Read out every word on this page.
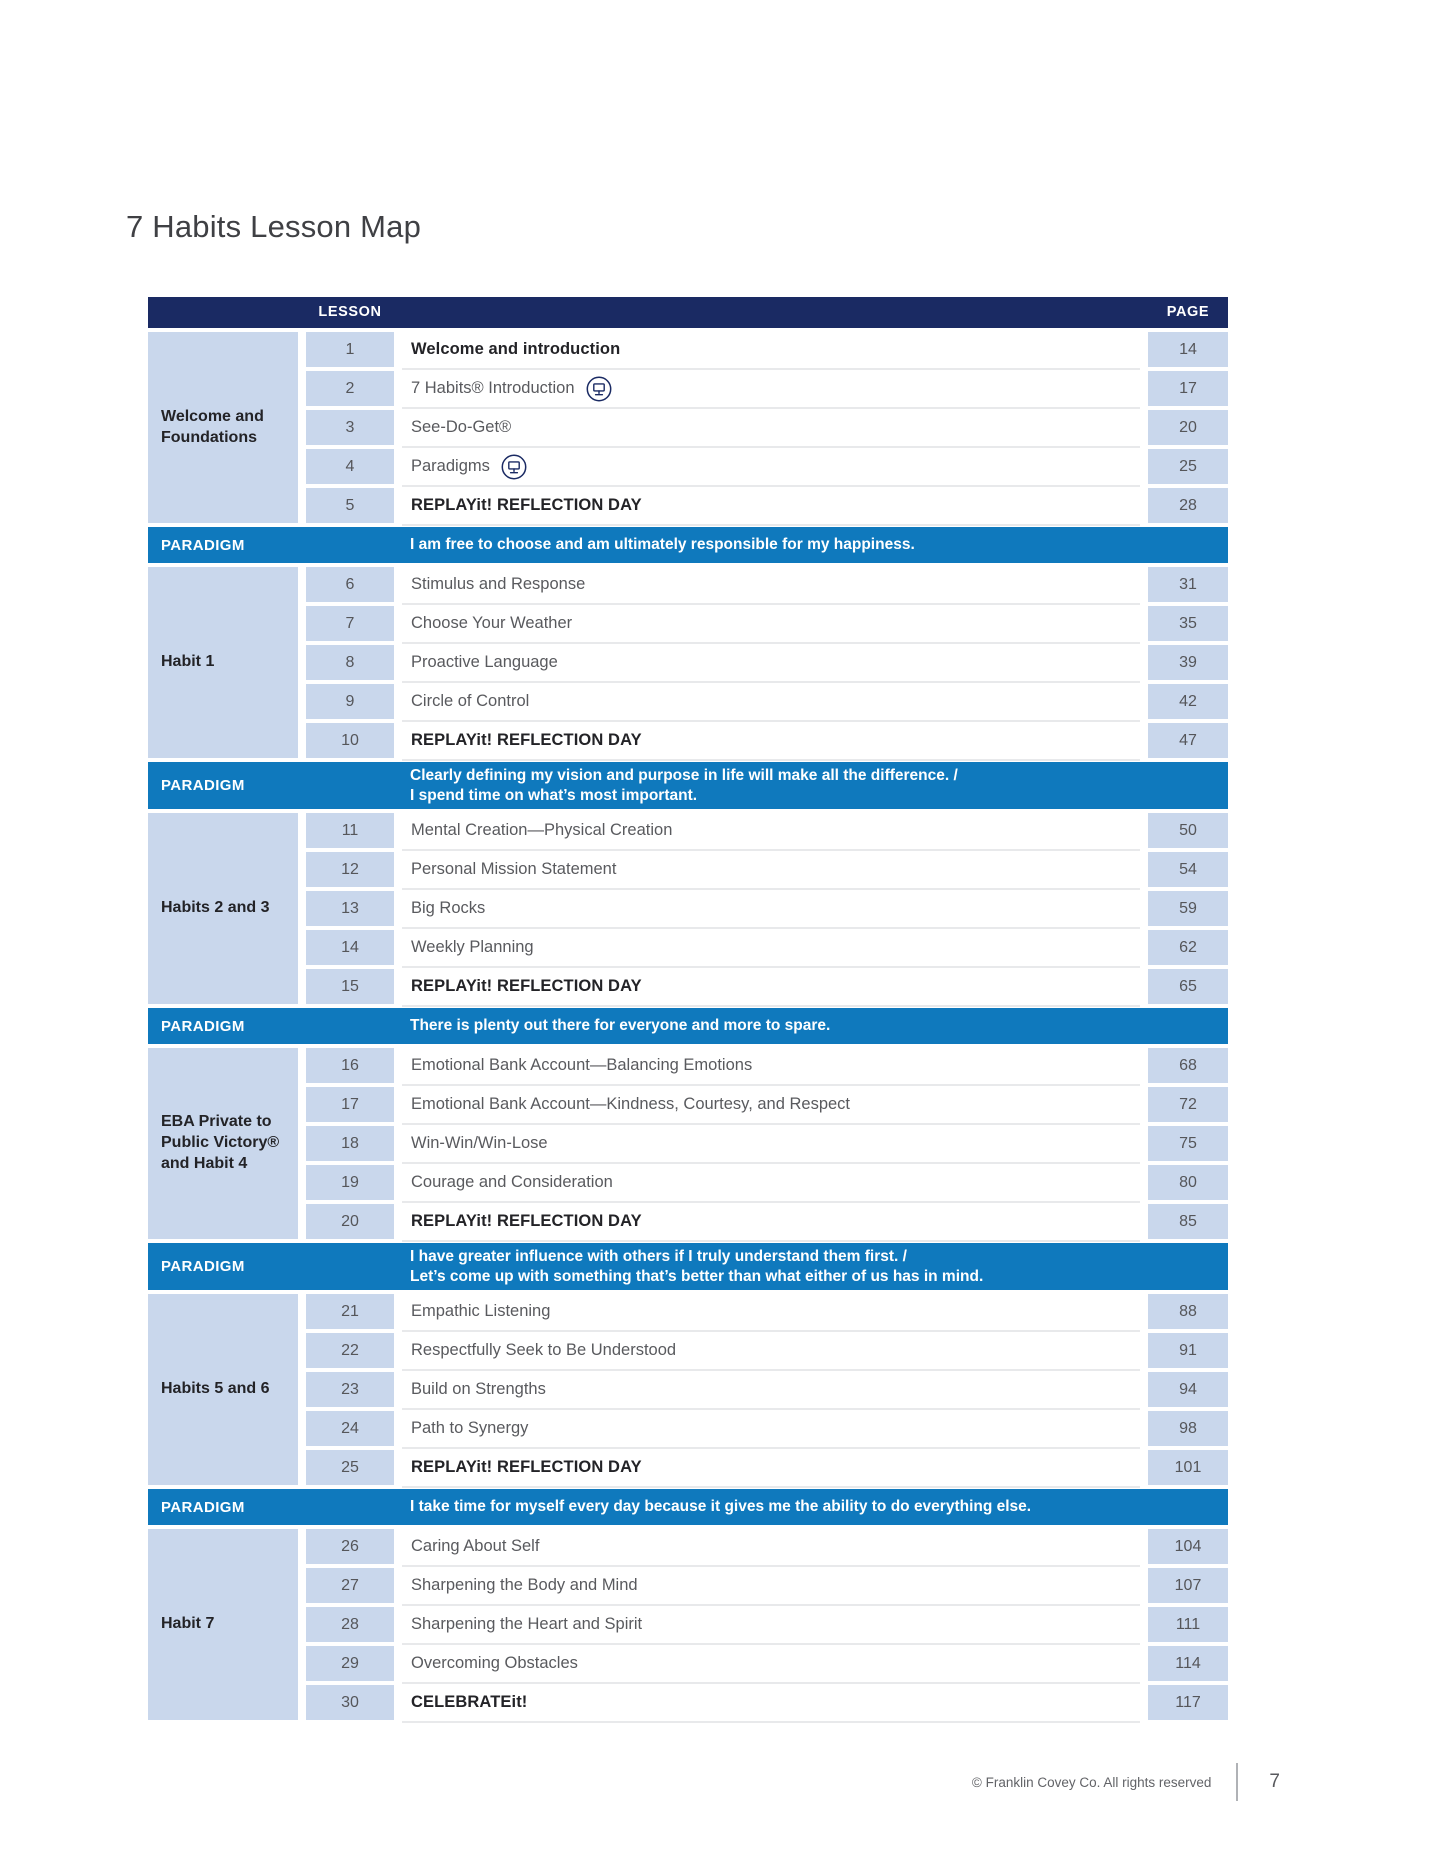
7 Habits Lesson Map
LESSON	PAGE
Welcome and Foundations
1	Welcome and introduction	14
2	7 Habits® Introduction	17
3	See-Do-Get®	20
4	Paradigms	25
5	REPLAYit! REFLECTION DAY	28
PARADIGM	I am free to choose and am ultimately responsible for my happiness.
Habit 1
6	Stimulus and Response	31
7	Choose Your Weather	35
8	Proactive Language	39
9	Circle of Control	42
10	REPLAYit! REFLECTION DAY	47
PARADIGM
Clearly defining my vision and purpose in life will make all the difference. /
I spend time on what’s most important.
Habits 2 and 3
11	Mental Creation—Physical Creation	50
12	Personal Mission Statement	54
13	Big Rocks	59
14	Weekly Planning	62
15	REPLAYit! REFLECTION DAY	65
PARADIGM	There is plenty out there for everyone and more to spare.
EBA Private to Public Victory® and Habit 4
16	Emotional Bank Account—Balancing Emotions	68
17	Emotional Bank Account—Kindness, Courtesy, and Respect	72
18	Win-Win/Win-Lose	75
19	Courage and Consideration	80
20	REPLAYit! REFLECTION DAY	85
PARADIGM
I have greater influence with others if I truly understand them first. /
Let’s come up with something that’s better than what either of us has in mind.
Habits 5 and 6
21	Empathic Listening	88
22	Respectfully Seek to Be Understood	91
23	Build on Strengths	94
24	Path to Synergy	98
25	REPLAYit! REFLECTION DAY	101
PARADIGM	I take time for myself every day because it gives me the ability to do everything else.
Habit 7
26	Caring About Self	104
27	Sharpening the Body and Mind	107
28	Sharpening the Heart and Spirit	111
29	Overcoming Obstacles	114
30	CELEBRATEit!	117
© Franklin Covey Co. All rights reserved	7
